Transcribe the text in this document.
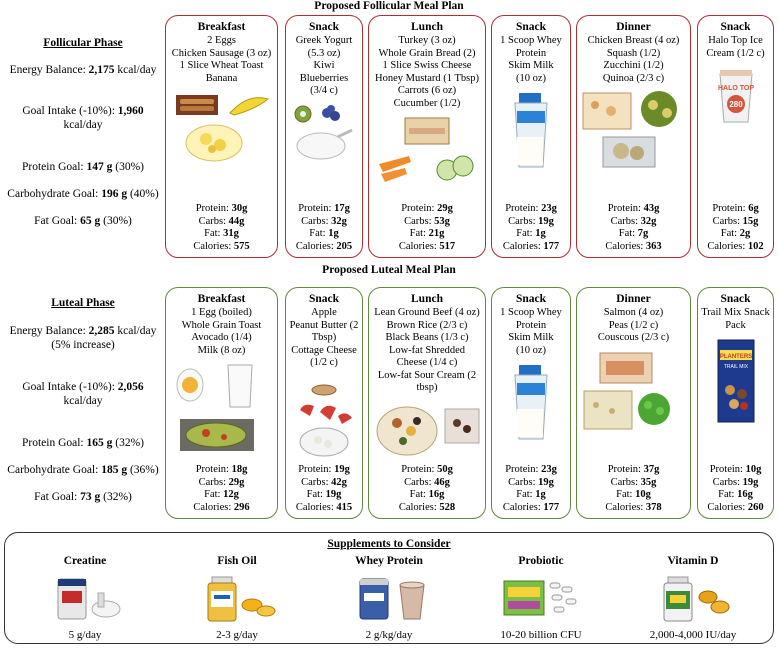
Proposed Follicular Meal Plan
Follicular Phase
Energy Balance: 2,175 kcal/day
Goal Intake (-10%): 1,960
kcal/day
Protein Goal: 147 g (30%)
Carbohydrate Goal: 196 g (40%)
Fat Goal: 65 g (30%)
Breakfast
2 Eggs
Chicken Sausage (3 oz)
1 Slice Wheat Toast
Banana
Protein: 30g
Carbs: 44g
Fat: 31g
Calories: 575
Snack
Greek Yogurt
(5.3 oz)
Kiwi
Blueberries
(3/4 c)
Protein: 17g
Carbs: 32g
Fat: 1g
Calories: 205
Lunch
Turkey (3 oz)
Whole Grain Bread (2)
1 Slice Swiss Cheese
Honey Mustard (1 Tbsp)
Carrots (6 oz)
Cucumber (1/2)
Protein: 29g
Carbs: 53g
Fat: 21g
Calories: 517
Snack
1 Scoop Whey
Protein
Skim Milk
(10 oz)
Protein: 23g
Carbs: 19g
Fat: 1g
Calories: 177
Dinner
Chicken Breast (4 oz)
Squash (1/2)
Zucchini (1/2)
Quinoa (2/3 c)
Protein: 43g
Carbs: 32g
Fat: 7g
Calories: 363
Snack
Halo Top Ice
Cream (1/2 c)
HALO TOP
280
Protein: 6g
Carbs: 15g
Fat: 2g
Calories: 102
Proposed Luteal Meal Plan
Luteal Phase
Energy Balance: 2,285 kcal/day
(5% increase)
Goal Intake (-10%): 2,056
kcal/day
Protein Goal: 165 g (32%)
Carbohydrate Goal: 185 g (36%)
Fat Goal: 73 g (32%)
Breakfast
1 Egg (boiled)
Whole Grain Toast
Avocado (1/4)
Milk (8 oz)
Protein: 18g
Carbs: 29g
Fat: 12g
Calories: 296
Snack
Apple
Peanut Butter (2
Tbsp)
Cottage Cheese
(1/2 c)
Protein: 19g
Carbs: 42g
Fat: 19g
Calories: 415
Lunch
Lean Ground Beef (4 oz)
Brown Rice (2/3 c)
Black Beans (1/3 c)
Low-fat Shredded
Cheese (1/4 c)
Low-fat Sour Cream (2
tbsp)
Protein: 50g
Carbs: 46g
Fat: 16g
Calories: 528
Snack
1 Scoop Whey
Protein
Skim Milk
(10 oz)
Protein: 23g
Carbs: 19g
Fat: 1g
Calories: 177
Dinner
Salmon (4 oz)
Peas (1/2 c)
Couscous (2/3 c)
Protein: 37g
Carbs: 35g
Fat: 10g
Calories: 378
Snack
Trail Mix Snack
Pack
PLANTERS
TRAIL MIX
Protein: 10g
Carbs: 19g
Fat: 16g
Calories: 260
Supplements to Consider
Creatine
5 g/day
Fish Oil
2-3 g/day
Whey Protein
2 g/kg/day
Probiotic
10-20 billion CFU
Vitamin D
2,000-4,000 IU/day
